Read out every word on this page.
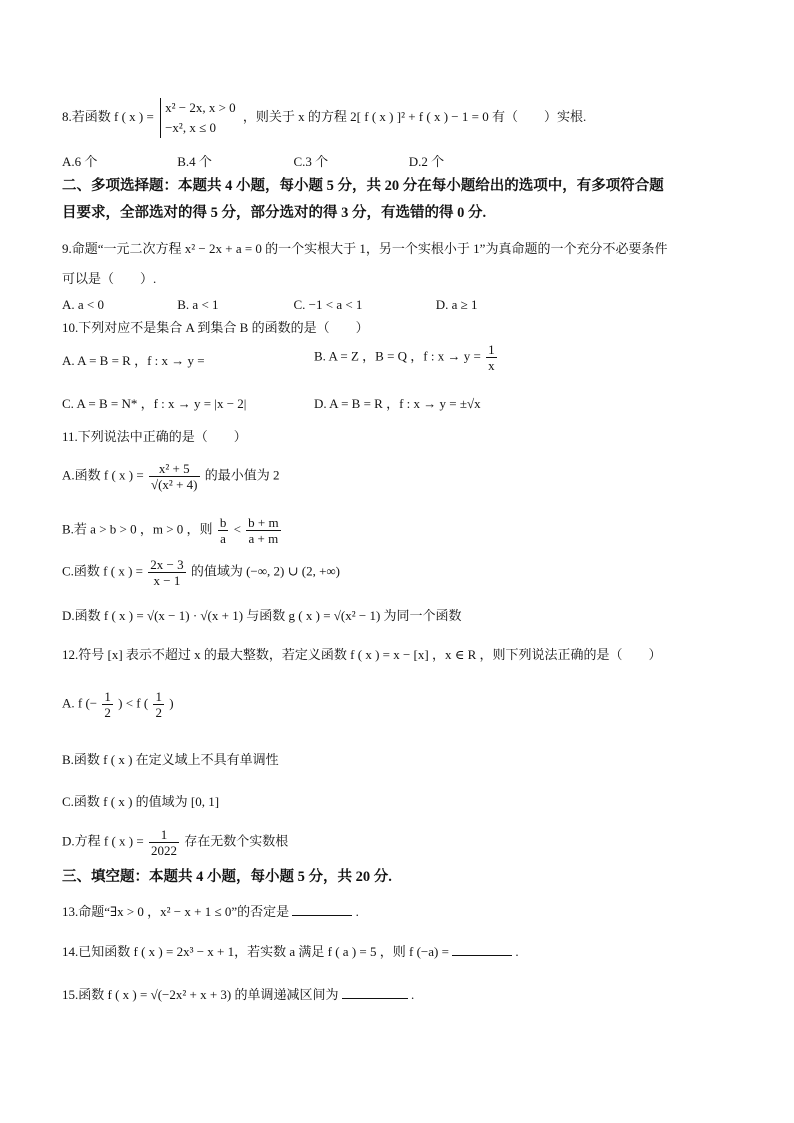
8.若函数 f ( x ) =
x² − 2x, x > 0
−x², x ≤ 0
，则关于 x 的方程 2[ f ( x ) ]² + f ( x ) − 1 = 0 有（　　）实根.
A.6 个	B.4 个	C.3 个	D.2 个
二、多项选择题：本题共 4 小题，每小题 5 分，共 20 分在每小题给出的选项中，有多项符合题
目要求，全部选对的得 5 分，部分选对的得 3 分，有选错的得 0 分.
9.命题“一元二次方程 x² − 2x + a = 0 的一个实根大于 1，另一个实根小于 1”为真命题的一个充分不必要条件
可以是（　　）.
A. a < 0	B. a < 1	C. −1 < a < 1	D. a ≥ 1
10.下列对应不是集合 A 到集合 B 的函数的是（　　）
A. A = B = R ，f : x → y =	B. A = Z ，B = Q ，f : $x \to y = \frac{1}{x}$
C. A = B = N* ，f : x → y = |x − 2|	D. A = B = R ，f : x → y = ±√x
11.下列说法中正确的是（　　）
A.函数 f ( x ) = $\frac{\text{x² + 5}}{\text{√(x² + 4)}}$ 的最小值为 2
B.若 a > b > 0 ，m > 0 ，则 $\frac{b}{a} < \frac{b + m}{a + m}$
C.函数 f ( x ) = $\frac{2x - 3}{x - 1}$ 的值域为 (−∞, 2) ∪ (2, +∞)
D.函数 f ( x ) = √(x − 1) · √(x + 1) 与函数 g ( x ) = √(x² − 1) 为同一个函数
12.符号 [x] 表示不超过 x 的最大整数，若定义函数 f ( x ) = x − [x] ，x ∈ R ，则下列说法正确的是（　　）
A. f (− $\frac{1}{2}$ ) < f ( $\frac{1}{2}$ )
B.函数 f ( x ) 在定义域上不具有单调性
C.函数 f ( x ) 的值域为 [0, 1]
D.方程 f ( x ) = $\frac{1}{2022}$ 存在无数个实数根
三、填空题：本题共 4 小题，每小题 5 分，共 20 分.
13.命题“∃x > 0 ，x² − x + 1 ≤ 0”的否定是	.
14.已知函数 f ( x ) = 2x³ − x + 1，若实数 a 满足 f ( a ) = 5 ，则 f (−a) =	.
15.函数 f ( x ) = √(−2x² + x + 3) 的单调递减区间为	.
